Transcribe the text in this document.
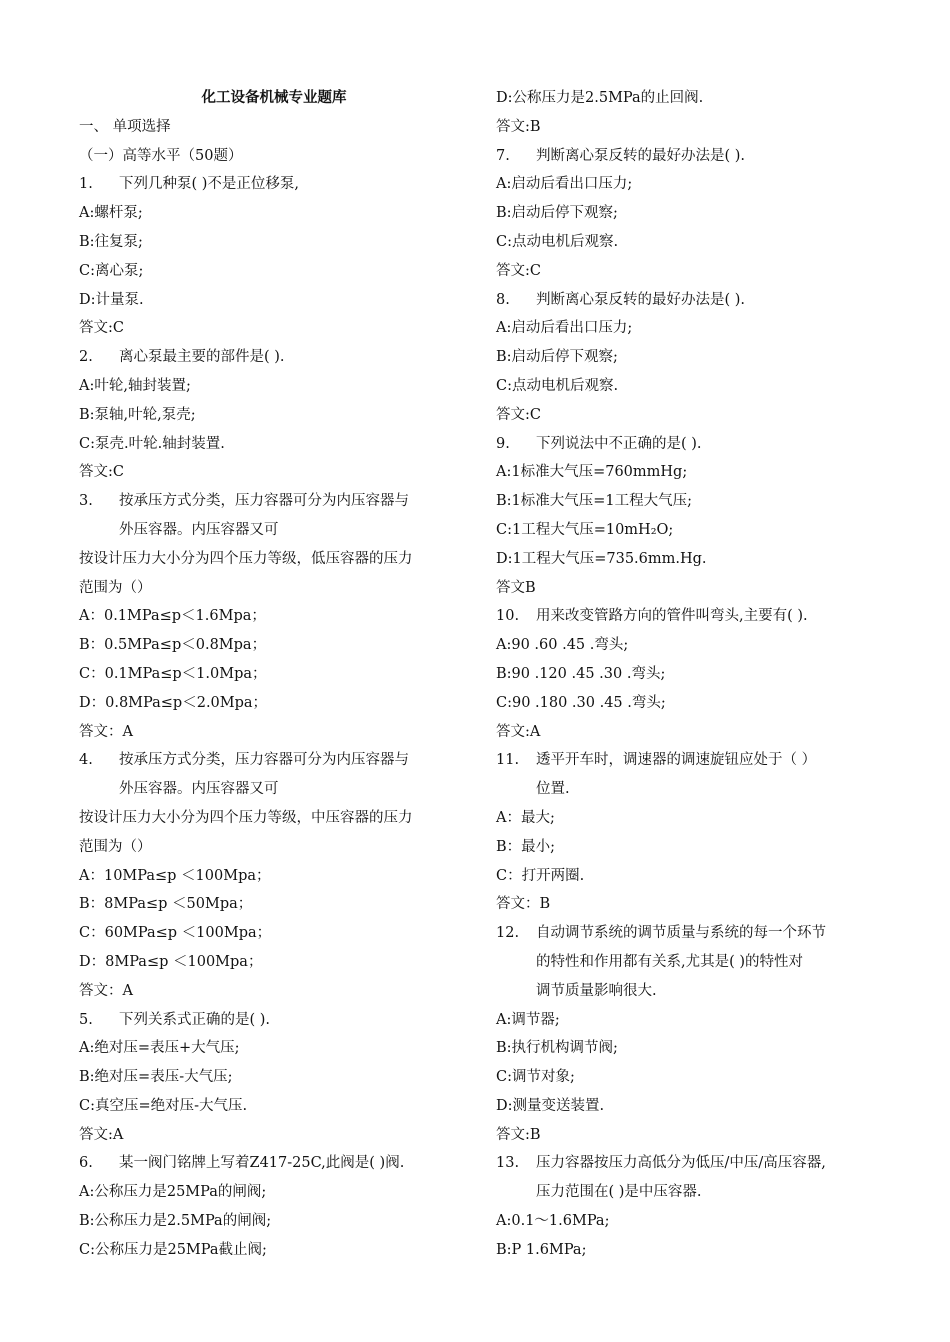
化工设备机械专业题库
一、 单项选择
（一）高等水平（50题）
1.	下列几种泵( )不是正位移泵,
A:螺杆泵;
B:往复泵;
C:离心泵;
D:计量泵.
答文:C
2.	离心泵最主要的部件是( ).
A:叶轮,轴封装置;
B:泵轴,叶轮,泵壳;
C:泵壳.叶轮.轴封装置.
答文:C
3.	按承压方式分类，压力容器可分为内压容器与
外压容器。内压容器又可
按设计压力大小分为四个压力等级，低压容器的压力
范围为（）
A：0.1MPa≤p＜1.6Mpa；
B：0.5MPa≤p＜0.8Mpa；
C：0.1MPa≤p＜1.0Mpa；
D：0.8MPa≤p＜2.0Mpa；
答文：A
4.	按承压方式分类，压力容器可分为内压容器与
外压容器。内压容器又可
按设计压力大小分为四个压力等级，中压容器的压力
范围为（）
A：10MPa≤p ＜100Mpa；
B：8MPa≤p ＜50Mpa；
C：60MPa≤p ＜100Mpa；
D：8MPa≤p ＜100Mpa；
答文：A
5.	下列关系式正确的是( ).
A:绝对压=表压+大气压;
B:绝对压=表压-大气压;
C:真空压=绝对压-大气压.
答文:A
6.	某一阀门铭牌上写着Z417-25C,此阀是( )阀.
A:公称压力是25MPa的闸阀;
B:公称压力是2.5MPa的闸阀;
C:公称压力是25MPa截止阀;
D:公称压力是2.5MPa的止回阀.
答文:B
7.	判断离心泵反转的最好办法是( ).
A:启动后看出口压力;
B:启动后停下观察;
C:点动电机后观察.
答文:C
8.	判断离心泵反转的最好办法是( ).
A:启动后看出口压力;
B:启动后停下观察;
C:点动电机后观察.
答文:C
9.	下列说法中不正确的是( ).
A:1标准大气压=760mmHg;
B:1标准大气压=1工程大气压;
C:1工程大气压=10mH₂O;
D:1工程大气压=735.6mm.Hg.
答文B
10.	用来改变管路方向的管件叫弯头,主要有( ).
A:90 .60 .45 .弯头;
B:90 .120 .45 .30 .弯头;
C:90 .180 .30 .45 .弯头;
答文:A
11.	透平开车时，调速器的调速旋钮应处于（ ）
位置.
A：最大;
B：最小;
C：打开两圈.
答文：B
12.	自动调节系统的调节质量与系统的每一个环节
的特性和作用都有关系,尤其是( )的特性对
调节质量影响很大.
A:调节器;
B:执行机构调节阀;
C:调节对象;
D:测量变送装置.
答文:B
13.	压力容器按压力高低分为低压/中压/高压容器,
压力范围在( )是中压容器.
A:0.1～1.6MPa;
B:P 1.6MPa;
